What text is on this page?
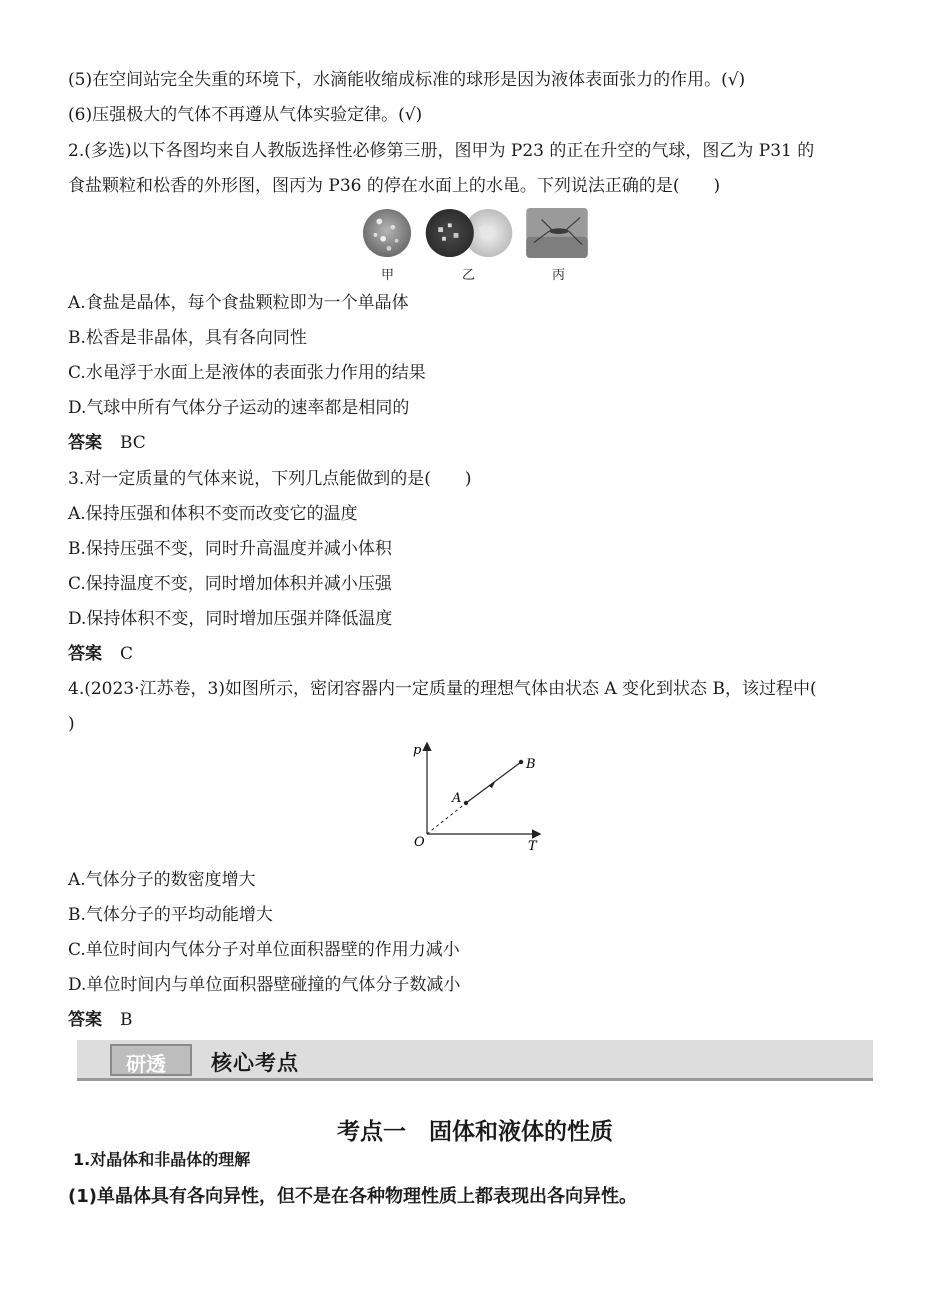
(5)在空间站完全失重的环境下，水滴能收缩成标准的球形是因为液体表面张力的作用。(√)
(6)压强极大的气体不再遵从气体实验定律。(√)
2.(多选)以下各图均来自人教版选择性必修第三册，图甲为 P23 的正在升空的气球，图乙为 P31 的
食盐颗粒和松香的外形图，图丙为 P36 的停在水面上的水黾。下列说法正确的是(　　)
甲	乙	丙
A.食盐是晶体，每个食盐颗粒即为一个单晶体
B.松香是非晶体，具有各向同性
C.水黾浮于水面上是液体的表面张力作用的结果
D.气球中所有气体分子运动的速率都是相同的
答案 BC
3.对一定质量的气体来说，下列几点能做到的是(　　)
A.保持压强和体积不变而改变它的温度
B.保持压强不变，同时升高温度并减小体积
C.保持温度不变，同时增加体积并减小压强
D.保持体积不变，同时增加压强并降低温度
答案 C
4.(2023·江苏卷，3)如图所示，密闭容器内一定质量的理想气体由状态 A 变化到状态 B，该过程中(
)
p
T
O
A
B
A.气体分子的数密度增大
B.气体分子的平均动能增大
C.单位时间内气体分子对单位面积器壁的作用力减小
D.单位时间内与单位面积器壁碰撞的气体分子数减小
答案 B
研透 核心考点
考点一　固体和液体的性质
1.对晶体和非晶体的理解
(1)单晶体具有各向异性，但不是在各种物理性质上都表现出各向异性。
